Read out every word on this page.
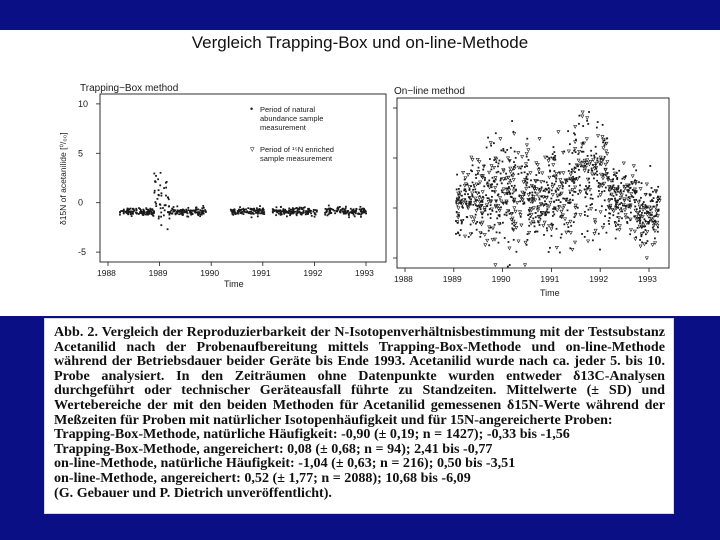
Vergleich Trapping-Box und on-line-Methode
Trapping−Box method
1988	1989	1990	1991	1992	1993
Time
10
5
0
-5
δ15N of acetanilide [⁰/₀₀]
• Period of natural abundance sample measurement
▿ Period of ¹⁵N enriched sample measurement
On−line method
1988	1989	1990	1991	1992	1993
Time

Abb. 2. Vergleich der Reproduzierbarkeit der N-Isotopenverhältnisbestimmung mit der Testsubstanz Acetanilid nach der Probenaufbereitung mittels Trapping-Box-Methode und on-line-Methode während der Betriebsdauer beider Geräte bis Ende 1993. Acetanilid wurde nach ca. jeder 5. bis 10. Probe analysiert. In den Zeiträumen ohne Datenpunkte wurden entweder δ13C-Analysen durchgeführt oder technischer Geräteausfall führte zu Standzeiten. Mittelwerte (± SD) und Wertebereiche der mit den beiden Methoden für Acetanilid gemessenen δ15N-Werte während der Meßzeiten für Proben mit natürlicher Isotopenhäufigkeit und für 15N-angereicherte Proben:

Trapping-Box-Methode, natürliche Häufigkeit: -0,90 (± 0,19; n = 1427); -0,33 bis -1,56

Trapping-Box-Methode, angereichert: 0,08 (± 0,68; n = 94); 2,41 bis -0,77

on-line-Methode, natürliche Häufigkeit: -1,04 (± 0,63; n = 216); 0,50 bis -3,51

on-line-Methode, angereichert: 0,52 (± 1,77; n = 2088); 10,68 bis -6,09

(G. Gebauer und P. Dietrich unveröffentlicht).
